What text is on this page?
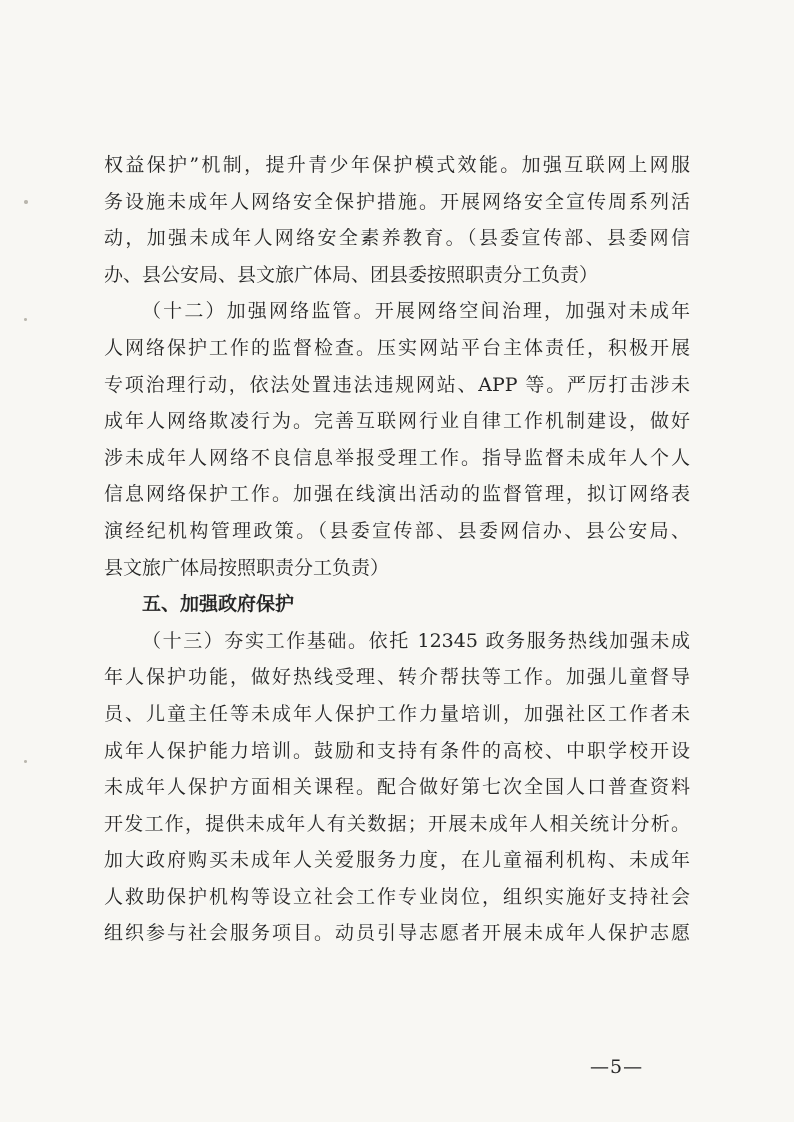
权益保护”机制，提升青少年保护模式效能。加强互联网上网服
务设施未成年人网络安全保护措施。开展网络安全宣传周系列活
动，加强未成年人网络安全素养教育。（县委宣传部、县委网信
办、县公安局、县文旅广体局、团县委按照职责分工负责）
（十二）加强网络监管。开展网络空间治理，加强对未成年
人网络保护工作的监督检查。压实网站平台主体责任，积极开展
专项治理行动，依法处置违法违规网站、APP 等。严厉打击涉未
成年人网络欺凌行为。完善互联网行业自律工作机制建设，做好
涉未成年人网络不良信息举报受理工作。指导监督未成年人个人
信息网络保护工作。加强在线演出活动的监督管理，拟订网络表
演经纪机构管理政策。（县委宣传部、县委网信办、县公安局、
县文旅广体局按照职责分工负责）
五、加强政府保护
（十三）夯实工作基础。依托 12345 政务服务热线加强未成
年人保护功能，做好热线受理、转介帮扶等工作。加强儿童督导
员、儿童主任等未成年人保护工作力量培训，加强社区工作者未
成年人保护能力培训。鼓励和支持有条件的高校、中职学校开设
未成年人保护方面相关课程。配合做好第七次全国人口普查资料
开发工作，提供未成年人有关数据；开展未成年人相关统计分析。
加大政府购买未成年人关爱服务力度，在儿童福利机构、未成年
人救助保护机构等设立社会工作专业岗位，组织实施好支持社会
组织参与社会服务项目。动员引导志愿者开展未成年人保护志愿
—5—
